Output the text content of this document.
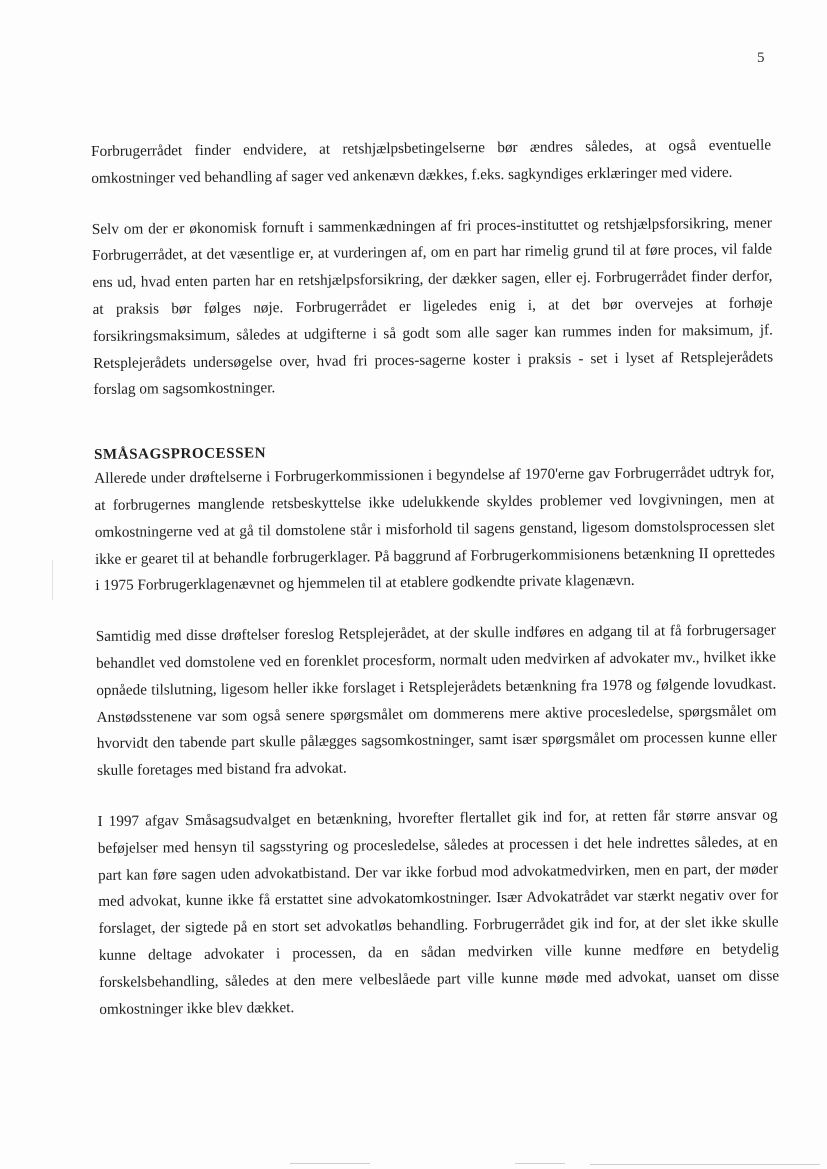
5

Forbrugerrådet finder endvidere, at retshjælpsbetingelserne bør ændres således, at også eventuelle omkostninger ved behandling af sager ved ankenævn dækkes, f.eks. sagkyndiges erklæringer med videre.

Selv om der er økonomisk fornuft i sammenkædningen af fri proces-instituttet og retshjælpsforsikring, mener Forbrugerrådet, at det væsentlige er, at vurderingen af, om en part har rimelig grund til at føre proces, vil falde ens ud, hvad enten parten har en retshjælpsforsikring, der dækker sagen, eller ej. Forbrugerrådet finder derfor, at praksis bør følges nøje. Forbrugerrådet er ligeledes enig i, at det bør overvejes at forhøje forsikringsmaksimum, således at udgifterne i så godt som alle sager kan rummes inden for maksimum, jf. Retsplejerådets undersøgelse over, hvad fri proces-sagerne koster i praksis - set i lyset af Retsplejerådets forslag om sagsomkostninger.

SMÅSAGSPROCESSEN

Allerede under drøftelserne i Forbrugerkommissionen i begyndelse af 1970'erne gav Forbrugerrådet udtryk for, at forbrugernes manglende retsbeskyttelse ikke udelukkende skyldes problemer ved lovgivningen, men at omkostningerne ved at gå til domstolene står i misforhold til sagens genstand, ligesom domstolsprocessen slet ikke er gearet til at behandle forbrugerklager. På baggrund af Forbrugerkommisionens betænkning II oprettedes i 1975 Forbrugerklagenævnet og hjemmelen til at etablere godkendte private klagenævn.

Samtidig med disse drøftelser foreslog Retsplejerådet, at der skulle indføres en adgang til at få forbrugersager behandlet ved domstolene ved en forenklet procesform, normalt uden medvirken af advokater mv., hvilket ikke opnåede tilslutning, ligesom heller ikke forslaget i Retsplejerådets betænkning fra 1978 og følgende lovudkast. Anstødsstenene var som også senere spørgsmålet om dommerens mere aktive procesledelse, spørgsmålet om hvorvidt den tabende part skulle pålægges sagsomkostninger, samt især spørgsmålet om processen kunne eller skulle foretages med bistand fra advokat.

I 1997 afgav Småsagsudvalget en betænkning, hvorefter flertallet gik ind for, at retten får større ansvar og beføjelser med hensyn til sagsstyring og procesledelse, således at processen i det hele indrettes således, at en part kan føre sagen uden advokatbistand. Der var ikke forbud mod advokatmedvirken, men en part, der møder med advokat, kunne ikke få erstattet sine advokatomkostninger. Især Advokatrådet var stærkt negativ over for forslaget, der sigtede på en stort set advokatløs behandling. Forbrugerrådet gik ind for, at der slet ikke skulle kunne deltage advokater i processen, da en sådan medvirken ville kunne medføre en betydelig forskelsbehandling, således at den mere velbeslåede part ville kunne møde med advokat, uanset om disse omkostninger ikke blev dækket.
